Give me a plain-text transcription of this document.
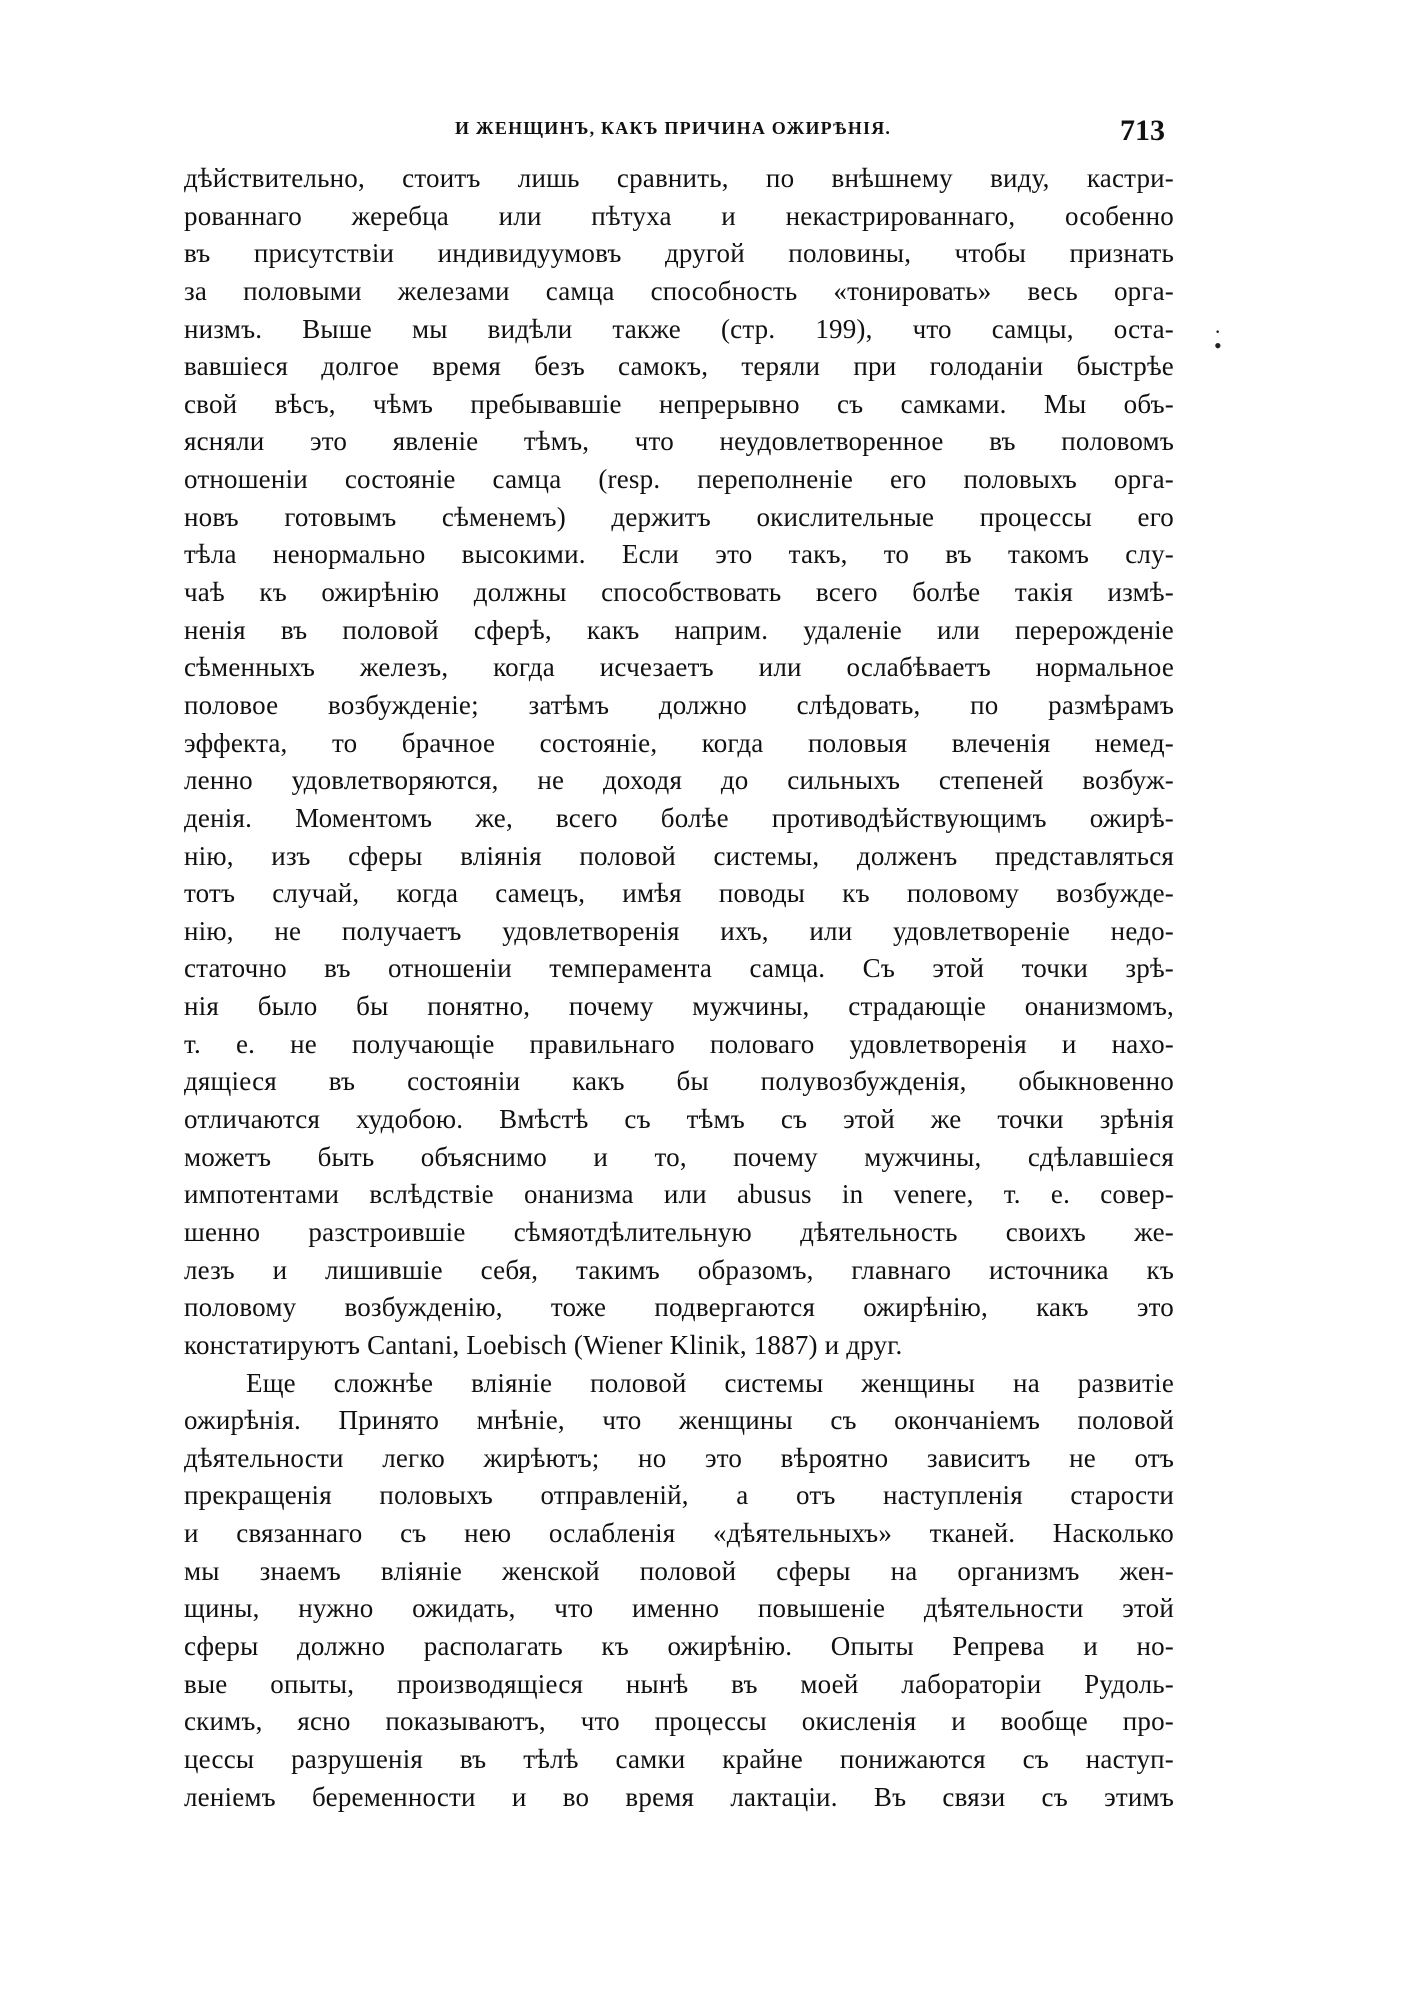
И ЖЕНЩИНЪ, КАКЪ ПРИЧИНА ОЖИРѢНІЯ.	713
·
•
дѣйствительно, стоитъ лишь сравнить, по внѣшнему виду, кастри-
рованнаго жеребца или пѣтуха и некастрированнаго, особенно
въ присутствіи индивидуумовъ другой половины, чтобы признать
за половыми железами самца способность «тонировать» весь орга-
низмъ. Выше мы видѣли также (стр. 199), что самцы, оста-
вавшіеся долгое время безъ самокъ, теряли при голоданіи быстрѣе
свой вѣсъ, чѣмъ пребывавшіе непрерывно съ самками. Мы объ-
ясняли это явленіе тѣмъ, что неудовлетворенное въ половомъ
отношеніи состояніе самца (resp. переполненіе его половыхъ орга-
новъ готовымъ сѣменемъ) держитъ окислительные процессы его
тѣла ненормально высокими. Если это такъ, то въ такомъ слу-
чаѣ къ ожирѣнію должны способствовать всего болѣе такія измѣ-
ненія въ половой сферѣ, какъ наприм. удаленіе или перерожденіе
сѣменныхъ железъ, когда исчезаетъ или ослабѣваетъ нормальное
половое возбужденіе; затѣмъ должно слѣдовать, по размѣрамъ
эффекта, то брачное состояніе, когда половыя влеченія немед-
ленно удовлетворяются, не доходя до сильныхъ степеней возбуж-
денія. Моментомъ же, всего болѣе противодѣйствующимъ ожирѣ-
нію, изъ сферы вліянія половой системы, долженъ представляться
тотъ случай, когда самецъ, имѣя поводы къ половому возбужде-
нію, не получаетъ удовлетворенія ихъ, или удовлетвореніе недо-
статочно въ отношеніи темперамента самца. Съ этой точки зрѣ-
нія было бы понятно, почему мужчины, страдающіе онанизмомъ,
т. е. не получающіе правильнаго половаго удовлетворенія и нахо-
дящіеся въ состояніи какъ бы полувозбужденія, обыкновенно
отличаются худобою. Вмѣстѣ съ тѣмъ съ этой же точки зрѣнія
можетъ быть объяснимо и то, почему мужчины, сдѣлавшіеся
импотентами вслѣдствіе онанизма или abusus in venere, т. е. совер-
шенно разстроившіе сѣмяотдѣлительную дѣятельность своихъ же-
лезъ и лишившіе себя, такимъ образомъ, главнаго источника къ
половому возбужденію, тоже подвергаются ожирѣнію, какъ это
констатируютъ Cantani, Loebisch (Wiener Klinik, 1887) и друг.
Еще сложнѣе вліяніе половой системы женщины на развитіе
ожирѣнія. Принято мнѣніе, что женщины съ окончаніемъ половой
дѣятельности легко жирѣютъ; но это вѣроятно зависитъ не отъ
прекращенія половыхъ отправленій, а отъ наступленія старости
и связаннаго съ нею ослабленія «дѣятельныхъ» тканей. Насколько
мы знаемъ вліяніе женской половой сферы на организмъ жен-
щины, нужно ожидать, что именно повышеніе дѣятельности этой
сферы должно располагать къ ожирѣнію. Опыты Репрева и но-
вые опыты, производящіеся нынѣ въ моей лабораторіи Рудоль-
скимъ, ясно показываютъ, что процессы окисленія и вообще про-
цессы разрушенія въ тѣлѣ самки крайне понижаются съ наступ-
леніемъ беременности и во время лактаціи. Въ связи съ этимъ
